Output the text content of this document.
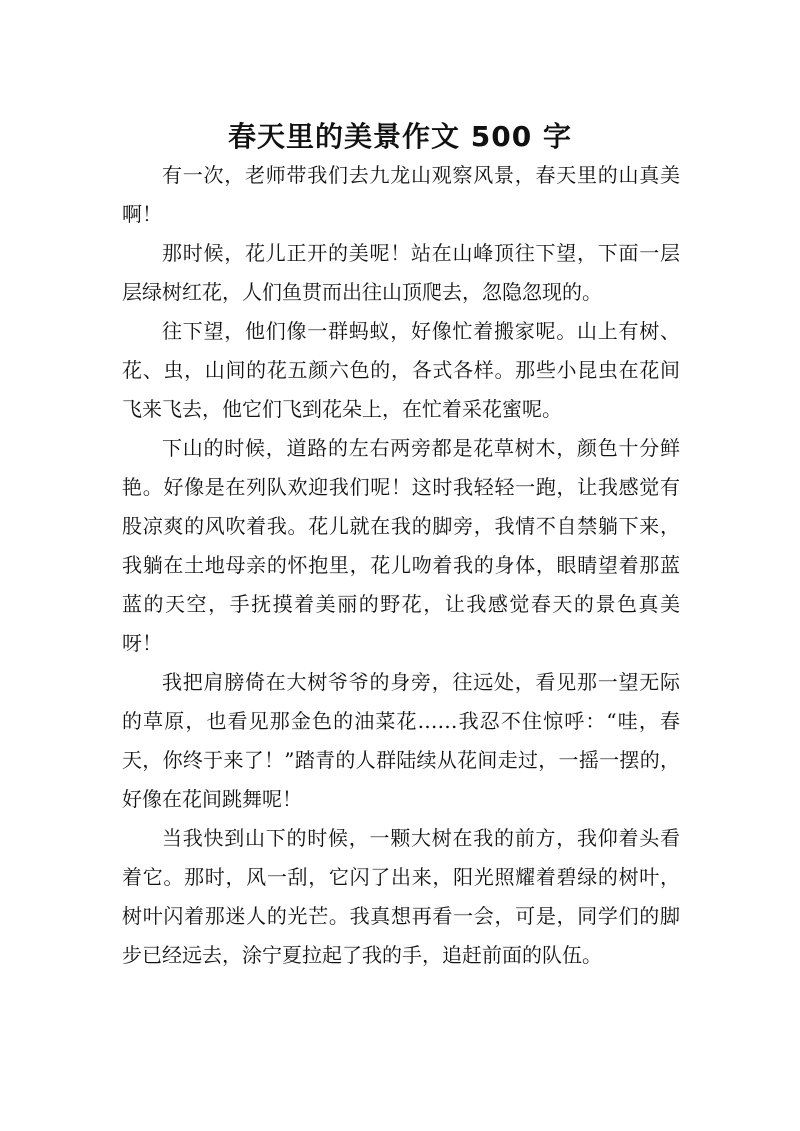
春天里的美景作文 500 字

有一次，老师带我们去九龙山观察风景，春天里的山真美啊！

那时候，花儿正开的美呢！站在山峰顶往下望，下面一层层绿树红花，人们鱼贯而出往山顶爬去，忽隐忽现的。

往下望，他们像一群蚂蚁，好像忙着搬家呢。山上有树、花、虫，山间的花五颜六色的，各式各样。那些小昆虫在花间飞来飞去，他它们飞到花朵上，在忙着采花蜜呢。

下山的时候，道路的左右两旁都是花草树木，颜色十分鲜艳。好像是在列队欢迎我们呢！这时我轻轻一跑，让我感觉有股凉爽的风吹着我。花儿就在我的脚旁，我情不自禁躺下来，我躺在土地母亲的怀抱里，花儿吻着我的身体，眼睛望着那蓝蓝的天空，手抚摸着美丽的野花，让我感觉春天的景色真美呀！

我把肩膀倚在大树爷爷的身旁，往远处，看见那一望无际的草原，也看见那金色的油菜花……我忍不住惊呼：“哇，春天，你终于来了！”踏青的人群陆续从花间走过，一摇一摆的，好像在花间跳舞呢！

当我快到山下的时候，一颗大树在我的前方，我仰着头看着它。那时，风一刮，它闪了出来，阳光照耀着碧绿的树叶，树叶闪着那迷人的光芒。我真想再看一会，可是，同学们的脚步已经远去，涂宁夏拉起了我的手，追赶前面的队伍。
